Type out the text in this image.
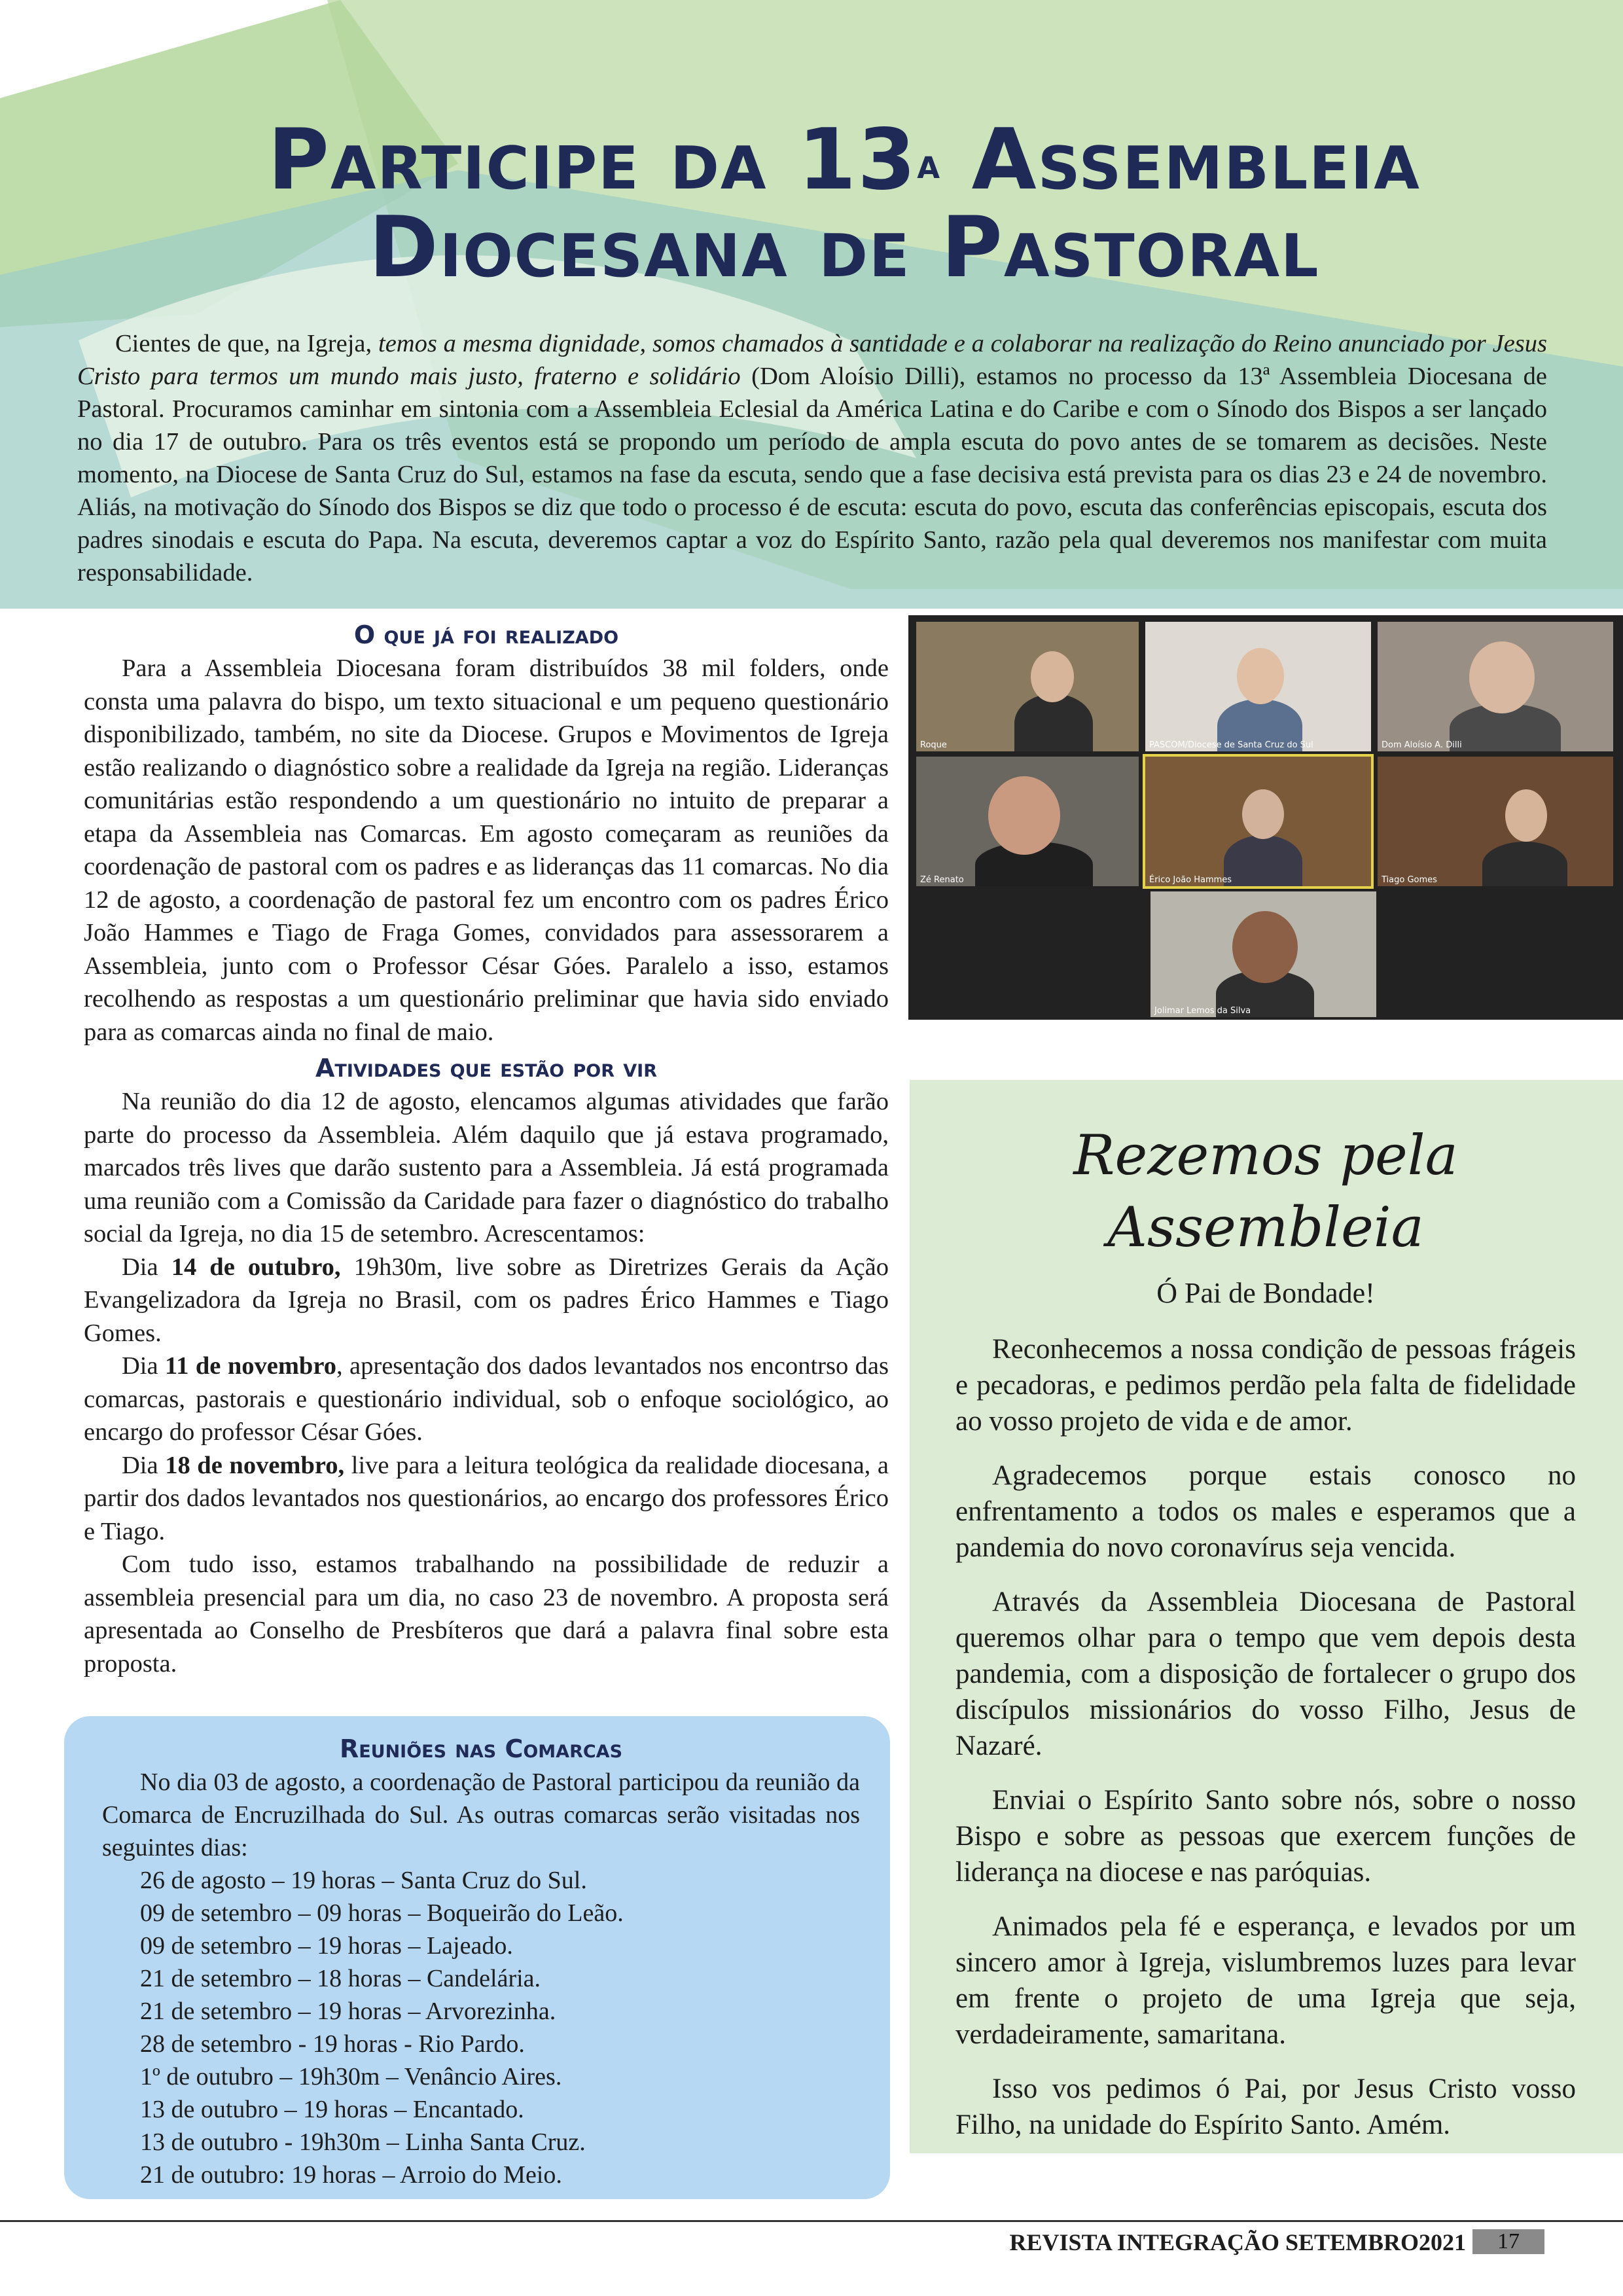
Participe da 13$^a$ Assembleia
Diocesana de Pastoral

Cientes de que, na Igreja, temos a mesma dignidade, somos chamados à santidade e a colaborar na realização do Reino anunciado por Jesus Cristo para termos um mundo mais justo, fraterno e solidário (Dom Aloísio Dilli), estamos no processo da 13ª Assembleia Diocesana de Pastoral. Procuramos caminhar em sintonia com a Assembleia Eclesial da América Latina e do Caribe e com o Sínodo dos Bispos a ser lançado no dia 17 de outubro. Para os três eventos está se propondo um período de ampla escuta do povo antes de se tomarem as decisões. Neste momento, na Diocese de Santa Cruz do Sul, estamos na fase da escuta, sendo que a fase decisiva está prevista para os dias 23 e 24 de novembro. Aliás, na motivação do Sínodo dos Bispos se diz que todo o processo é de escuta: escuta do povo, escuta das conferências episcopais, escuta dos padres sinodais e escuta do Papa. Na escuta, deveremos captar a voz do Espírito Santo, razão pela qual deveremos nos manifestar com muita responsabilidade.

O que já foi realizado

Para a Assembleia Diocesana foram distribuídos 38 mil folders, onde consta uma palavra do bispo, um texto situacional e um pequeno questionário disponibilizado, também, no site da Diocese. Grupos e Movimentos de Igreja estão realizando o diagnóstico sobre a realidade da Igreja na região. Lideranças comunitárias estão respondendo a um questionário no intuito de preparar a etapa da Assembleia nas Comarcas. Em agosto começaram as reuniões da coordenação de pastoral com os padres e as lideranças das 11 comarcas. No dia 12 de agosto, a coordenação de pastoral fez um encontro com os padres Érico João Hammes e Tiago de Fraga Gomes, convidados para assessorarem a Assembleia, junto com o Professor César Góes. Paralelo a isso, estamos recolhendo as respostas a um questionário preliminar que havia sido enviado para as comarcas ainda no final de maio.

Atividades que estão por vir

Na reunião do dia 12 de agosto, elencamos algumas atividades que farão parte do processo da Assembleia. Além daquilo que já estava programado, marcados três lives que darão sustento para a Assembleia. Já está programada uma reunião com a Comissão da Caridade para fazer o diagnóstico do trabalho social da Igreja, no dia 15 de setembro. Acrescentamos:

Dia 14 de outubro, 19h30m, live sobre as Diretrizes Gerais da Ação Evangelizadora da Igreja no Brasil, com os padres Érico Hammes e Tiago Gomes.

Dia 11 de novembro, apresentação dos dados levantados nos encontrso das comarcas, pastorais e questionário individual, sob o enfoque sociológico, ao encargo do professor César Góes.

Dia 18 de novembro, live para a leitura teológica da realidade diocesana, a partir dos dados levantados nos questionários, ao encargo dos professores Érico e Tiago.

Com tudo isso, estamos trabalhando na possibilidade de reduzir a assembleia presencial para um dia, no caso 23 de novembro. A proposta será apresentada ao Conselho de Presbíteros que dará a palavra final sobre esta proposta.

Roque	PASCOM/Diocese de Santa Cruz do Sul	Dom Aloísio A. Dilli
Zé Renato	Érico João Hammes	Tiago Gomes
Jolimar Lemos da Silva
Rezemos pela Assembleia
Ó Pai de Bondade!

Reconhecemos a nossa condição de pessoas frágeis e pecadoras, e pedimos perdão pela falta de fidelidade ao vosso projeto de vida e de amor.

Agradecemos porque estais conosco no enfrentamento a todos os males e esperamos que a pandemia do novo coronavírus seja vencida.

Através da Assembleia Diocesana de Pastoral queremos olhar para o tempo que vem depois desta pandemia, com a disposição de fortalecer o grupo dos discípulos missionários do vosso Filho, Jesus de Nazaré.

Enviai o Espírito Santo sobre nós, sobre o nosso Bispo e sobre as pessoas que exercem funções de liderança na diocese e nas paróquias.

Animados pela fé e esperança, e levados por um sincero amor à Igreja, vislumbremos luzes para levar em frente o projeto de uma Igreja que seja, verdadeiramente, samaritana.

Isso vos pedimos ó Pai, por Jesus Cristo vosso Filho, na unidade do Espírito Santo. Amém.

Reuniões nas Comarcas

No dia 03 de agosto, a coordenação de Pastoral participou da reunião da Comarca de Encruzilhada do Sul. As outras comarcas serão visitadas nos seguintes dias:

26 de agosto – 19 horas – Santa Cruz do Sul.

09 de setembro – 09 horas – Boqueirão do Leão.

09 de setembro – 19 horas – Lajeado.

21 de setembro – 18 horas – Candelária.

21 de setembro – 19 horas – Arvorezinha.

28 de setembro - 19 horas - Rio Pardo.

1º de outubro – 19h30m – Venâncio Aires.

13 de outubro – 19 horas – Encantado.

13 de outubro - 19h30m – Linha Santa Cruz.

21 de outubro: 19 horas – Arroio do Meio.

REVISTA INTEGRAÇÃO SETEMBRO2021	17
